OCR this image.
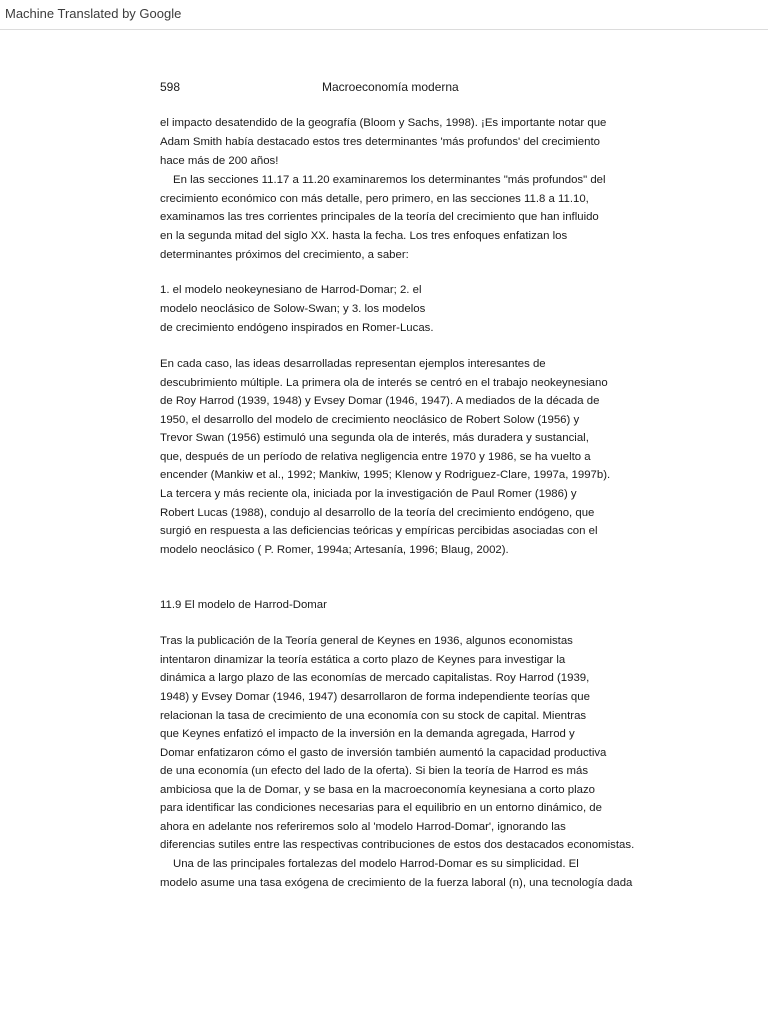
Machine Translated by Google
598	Macroeconomía moderna
el impacto desatendido de la geografía (Bloom y Sachs, 1998). ¡Es importante notar que
Adam Smith había destacado estos tres determinantes 'más profundos' del crecimiento
hace más de 200 años!
En las secciones 11.17 a 11.20 examinaremos los determinantes "más profundos" del
crecimiento económico con más detalle, pero primero, en las secciones 11.8 a 11.10,
examinamos las tres corrientes principales de la teoría del crecimiento que han influido
en la segunda mitad del siglo XX. hasta la fecha. Los tres enfoques enfatizan los
determinantes próximos del crecimiento, a saber:
1. el modelo neokeynesiano de Harrod-Domar; 2. el
modelo neoclásico de Solow-Swan; y 3. los modelos
de crecimiento endógeno inspirados en Romer-Lucas.
En cada caso, las ideas desarrolladas representan ejemplos interesantes de
descubrimiento múltiple. La primera ola de interés se centró en el trabajo neokeynesiano
de Roy Harrod (1939, 1948) y Evsey Domar (1946, 1947). A mediados de la década de
1950, el desarrollo del modelo de crecimiento neoclásico de Robert Solow (1956) y
Trevor Swan (1956) estimuló una segunda ola de interés, más duradera y sustancial,
que, después de un período de relativa negligencia entre 1970 y 1986, se ha vuelto a
encender (Mankiw et al., 1992; Mankiw, 1995; Klenow y Rodriguez-Clare, 1997a, 1997b).
La tercera y más reciente ola, iniciada por la investigación de Paul Romer (1986) y
Robert Lucas (1988), condujo al desarrollo de la teoría del crecimiento endógeno, que
surgió en respuesta a las deficiencias teóricas y empíricas percibidas asociadas con el
modelo neoclásico ( P. Romer, 1994a; Artesanía, 1996; Blaug, 2002).
11.9 El modelo de Harrod-Domar
Tras la publicación de la Teoría general de Keynes en 1936, algunos economistas
intentaron dinamizar la teoría estática a corto plazo de Keynes para investigar la
dinámica a largo plazo de las economías de mercado capitalistas. Roy Harrod (1939,
1948) y Evsey Domar (1946, 1947) desarrollaron de forma independiente teorías que
relacionan la tasa de crecimiento de una economía con su stock de capital. Mientras
que Keynes enfatizó el impacto de la inversión en la demanda agregada, Harrod y
Domar enfatizaron cómo el gasto de inversión también aumentó la capacidad productiva
de una economía (un efecto del lado de la oferta). Si bien la teoría de Harrod es más
ambiciosa que la de Domar, y se basa en la macroeconomía keynesiana a corto plazo
para identificar las condiciones necesarias para el equilibrio en un entorno dinámico, de
ahora en adelante nos referiremos solo al 'modelo Harrod-Domar', ignorando las
diferencias sutiles entre las respectivas contribuciones de estos dos destacados economistas.
Una de las principales fortalezas del modelo Harrod-Domar es su simplicidad. El
modelo asume una tasa exógena de crecimiento de la fuerza laboral (n), una tecnología dada
